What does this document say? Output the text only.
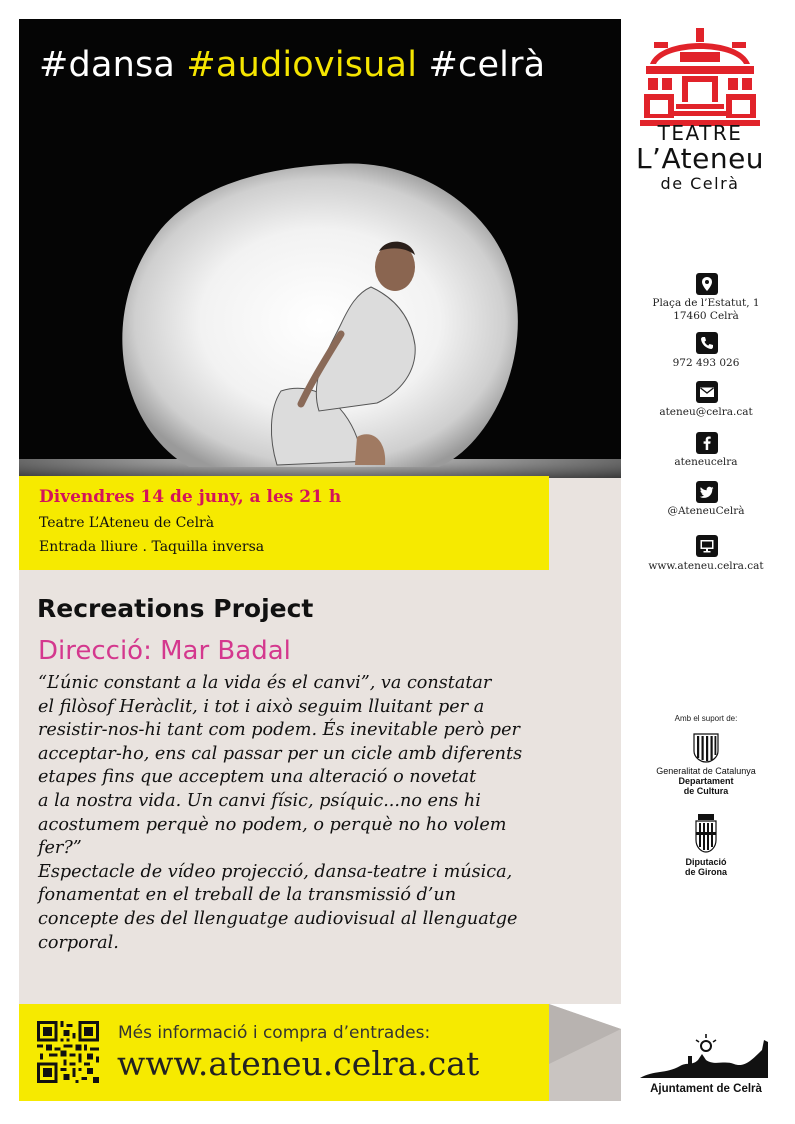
#dansa #audiovisual #celrà
Divendres 14 de juny, a les 21 h
Teatre L’Ateneu de Celrà
Entrada lliure . Taquilla inversa
Recreations Project
Direcció: Mar Badal

“L’únic constant a la vida és el canvi”, va constatar

el filòsof Heràclit, i tot i això seguim lluitant per a

resistir-nos-hi tant com podem. És inevitable però per

acceptar-ho, ens cal passar per un cicle amb diferents

etapes fins que acceptem una alteració o novetat

a la nostra vida. Un canvi físic, psíquic...no ens hi

acostumem perquè no podem, o perquè no ho volem

fer?”

Espectacle de vídeo projecció, dansa-teatre i música,

fonamentat en el treball de la transmissió d’un

concepte des del llenguatge audiovisual al llenguatge

corporal.

Més informació i compra d’entrades:
www.ateneu.celra.cat
TEATRE
L’Ateneu
de Celrà
Plaça de l’Estatut, 1
17460 Celrà
972 493 026
ateneu@celra.cat
ateneucelra
@AteneuCelrà
www.ateneu.celra.cat
Amb el suport de:
Generalitat de Catalunya
Departament
de Cultura
Diputació
de Girona
Ajuntament de Celrà
